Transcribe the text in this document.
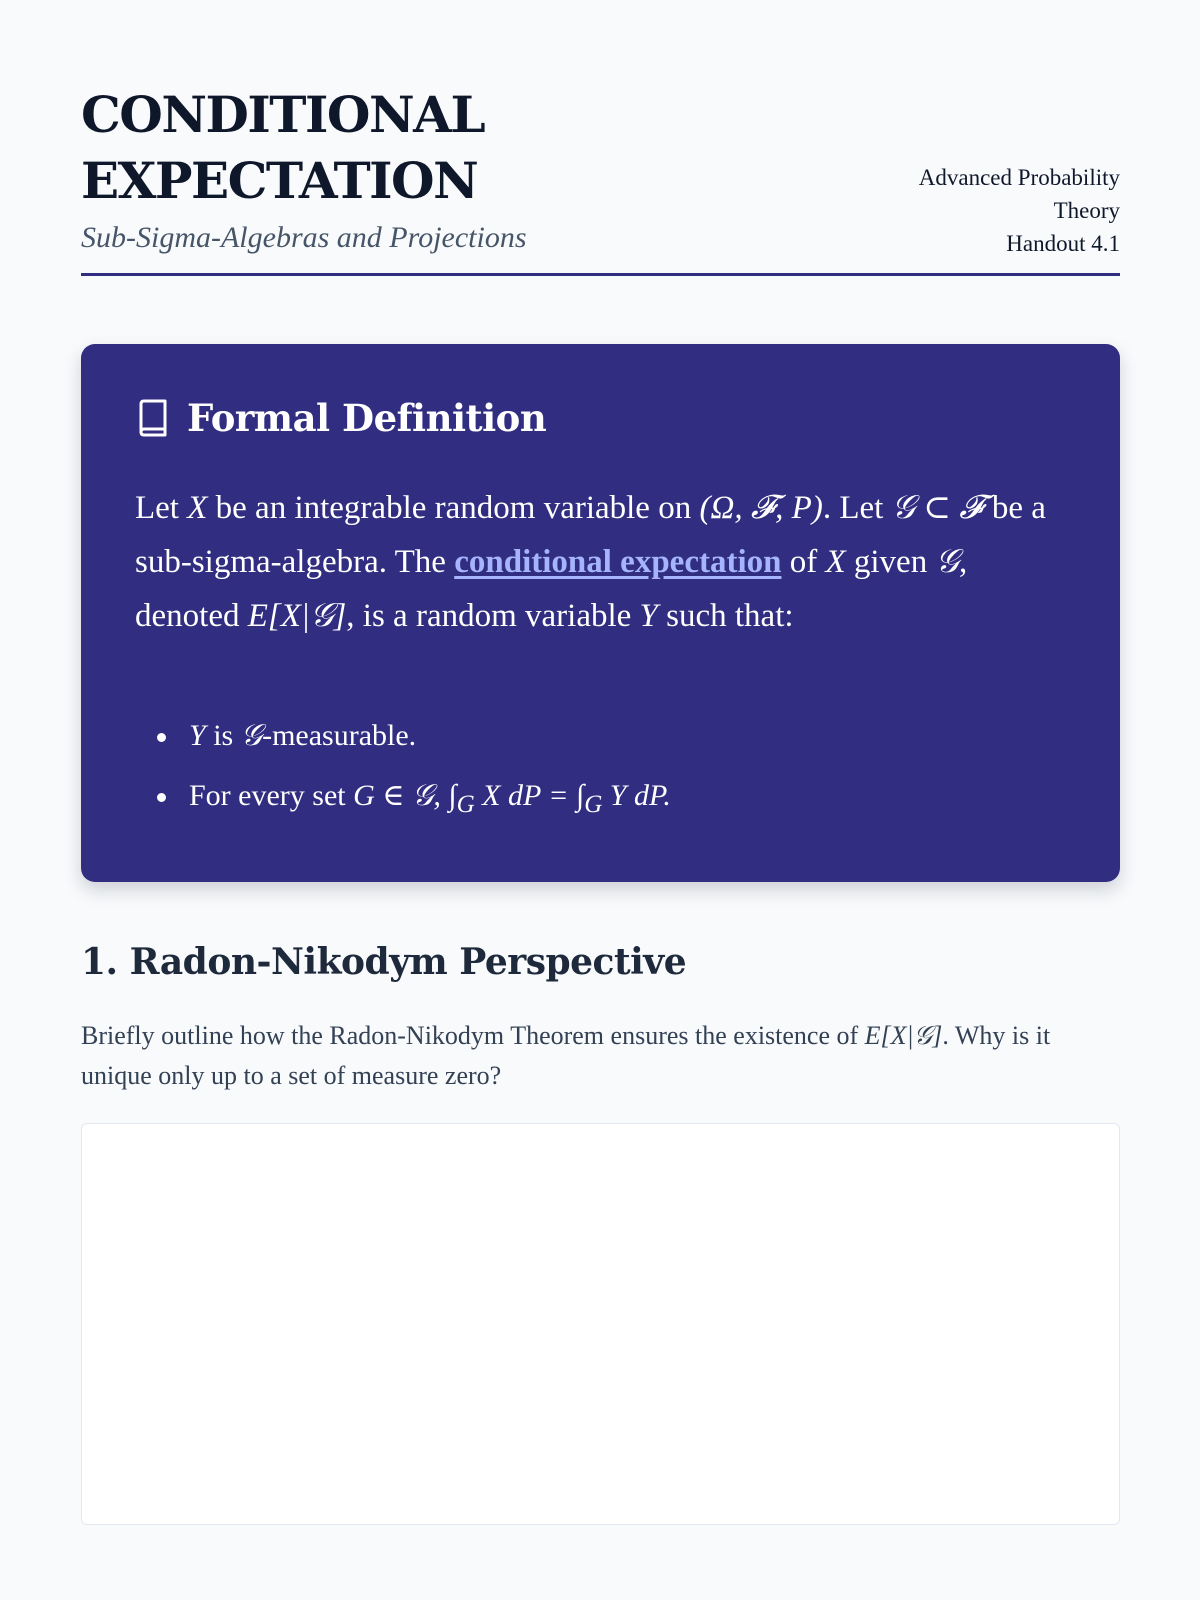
CONDITIONAL
EXPECTATION
Sub-Sigma-Algebras and Projections
Advanced Probability
Theory
Handout 4.1
Formal Definition

Let X be an integrable random variable on (Ω, 𝓕, P). Let 𝒢 ⊂ 𝓕 be a sub-sigma-algebra. The conditional expectation of X given 𝒢, denoted E[X|𝒢], is a random variable Y such that:

Y is 𝒢-measurable.
For every set G ∈ 𝒢, $\int_G$ X dP = $\int_G$ Y dP.
1. Radon-Nikodym Perspective

Briefly outline how the Radon-Nikodym Theorem ensures the existence of E[X|𝒢]. Why is it unique only up to a set of measure zero?
